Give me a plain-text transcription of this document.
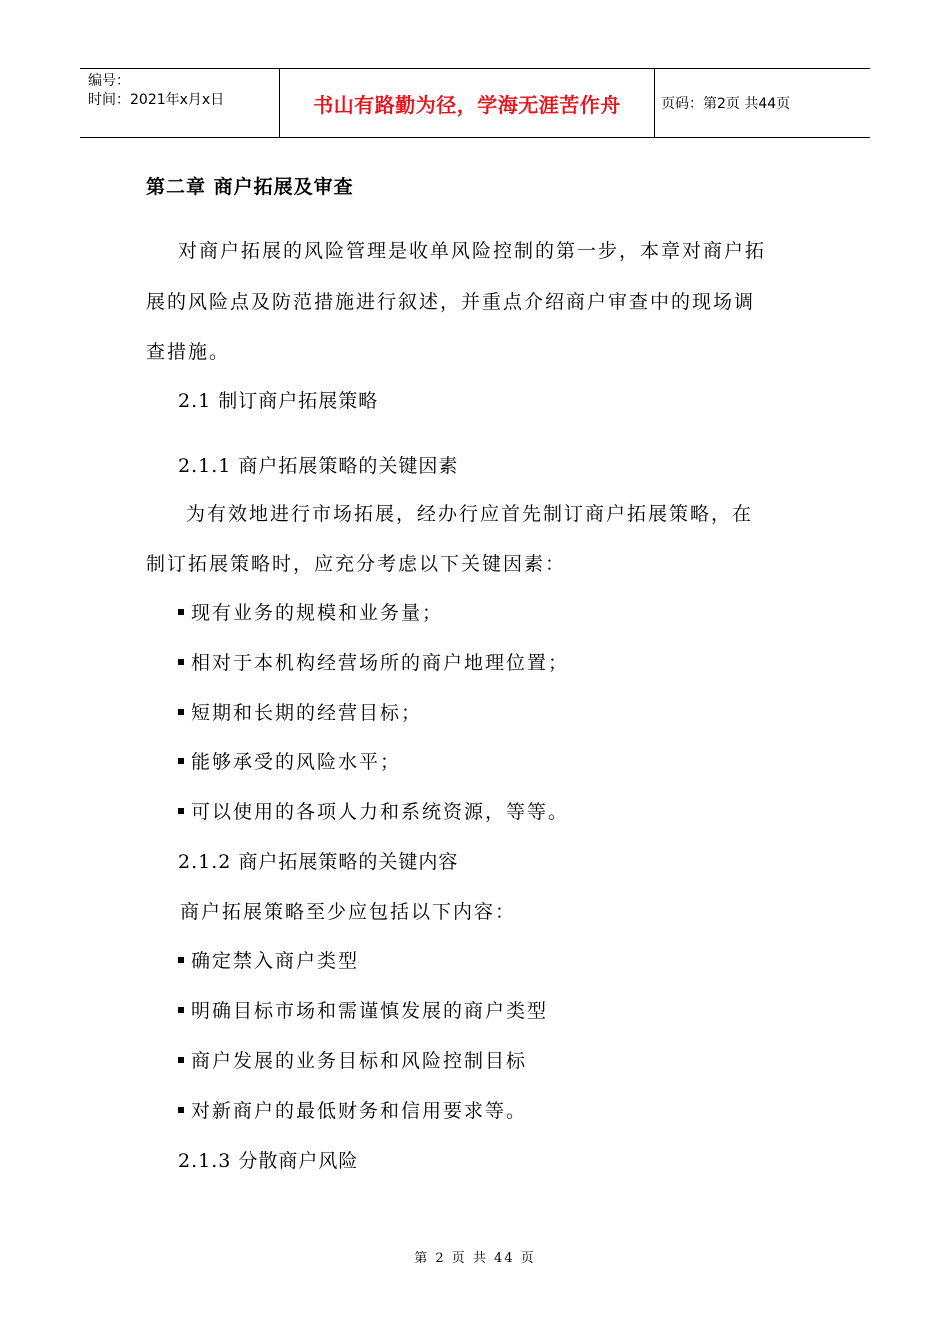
编号：
时间：2021年x月x日	书山有路勤为径，学海无涯苦作舟	页码：第2页 共44页
第二章 商户拓展及审查
对商户拓展的风险管理是收单风险控制的第一步，本章对商户拓
展的风险点及防范措施进行叙述，并重点介绍商户审查中的现场调
查措施。
2.1 制订商户拓展策略
2.1.1 商户拓展策略的关键因素
为有效地进行市场拓展，经办行应首先制订商户拓展策略，在
制订拓展策略时，应充分考虑以下关键因素：
现有业务的规模和业务量；
相对于本机构经营场所的商户地理位置；
短期和长期的经营目标；
能够承受的风险水平；
可以使用的各项人力和系统资源，等等。
2.1.2 商户拓展策略的关键内容
商户拓展策略至少应包括以下内容：
确定禁入商户类型
明确目标市场和需谨慎发展的商户类型
商户发展的业务目标和风险控制目标
对新商户的最低财务和信用要求等。
2.1.3 分散商户风险
第 2 页 共 44 页
